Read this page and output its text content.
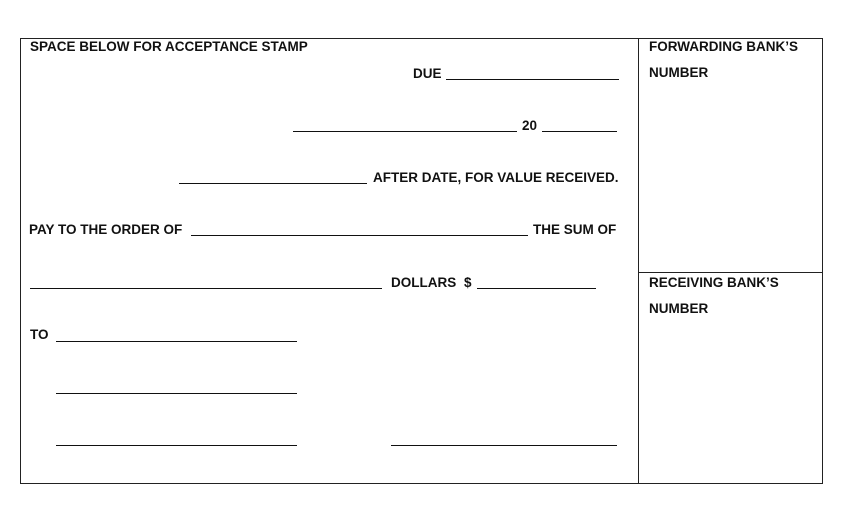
SPACE BELOW FOR ACCEPTANCE STAMP
DUE
20
AFTER DATE, FOR VALUE RECEIVED.
PAY TO THE ORDER OF	THE SUM OF
DOLLARS $
TO
FORWARDING BANK’S
NUMBER
RECEIVING BANK’S
NUMBER
